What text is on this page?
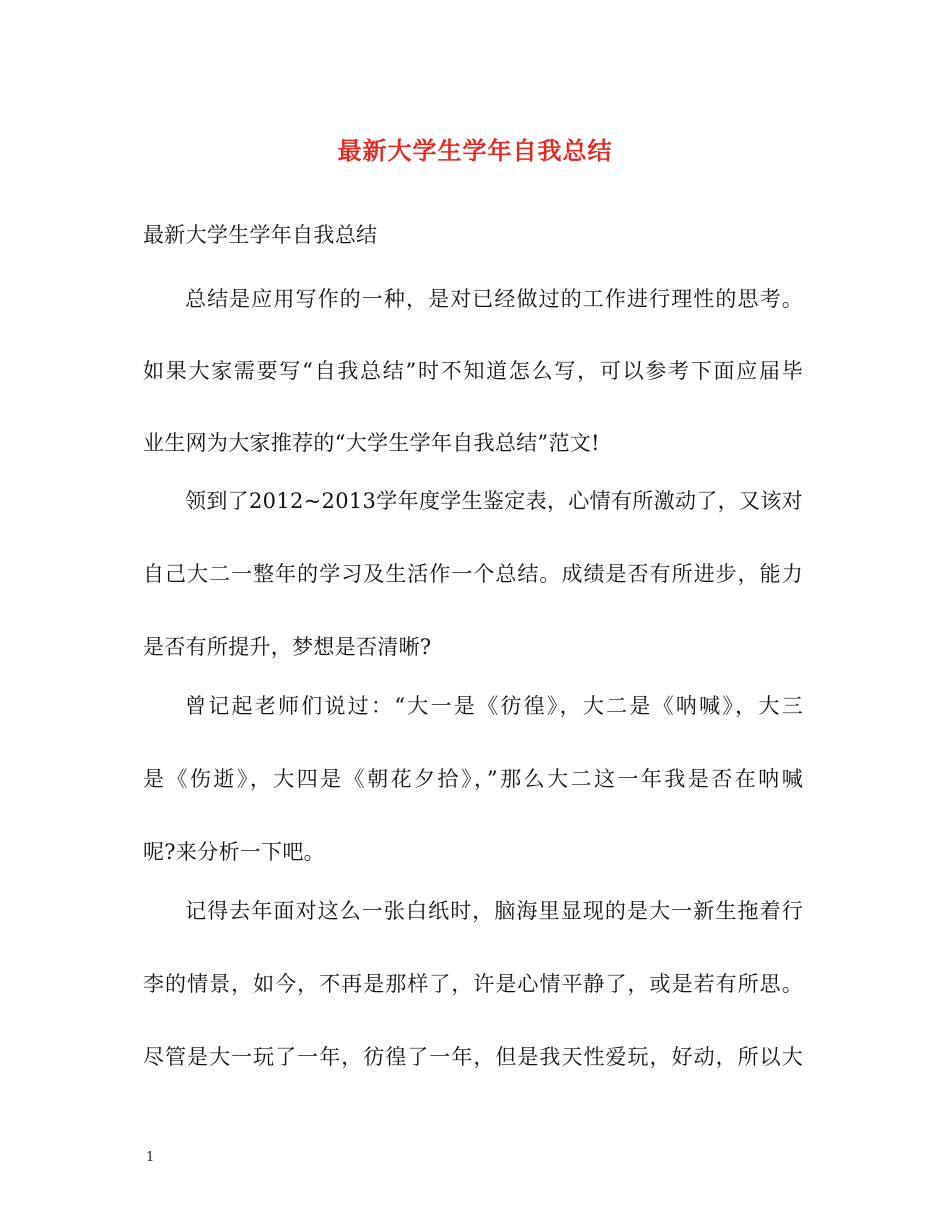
最新大学生学年自我总结
最新大学生学年自我总结
总结是应用写作的一种，是对已经做过的工作进行理性的思考。
如果大家需要写“自我总结”时不知道怎么写，可以参考下面应届毕
业生网为大家推荐的“大学生学年自我总结”范文!
领到了2012~2013学年度学生鉴定表，心情有所激动了，又该对
自己大二一整年的学习及生活作一个总结。成绩是否有所进步，能力
是否有所提升，梦想是否清晰?
曾记起老师们说过：“大一是《彷徨》，大二是《呐喊》，大三
是《伤逝》，大四是《朝花夕拾》，”那么大二这一年我是否在呐喊
呢?来分析一下吧。
记得去年面对这么一张白纸时，脑海里显现的是大一新生拖着行
李的情景，如今，不再是那样了，许是心情平静了，或是若有所思。
尽管是大一玩了一年，彷徨了一年，但是我天性爱玩，好动，所以大
1
